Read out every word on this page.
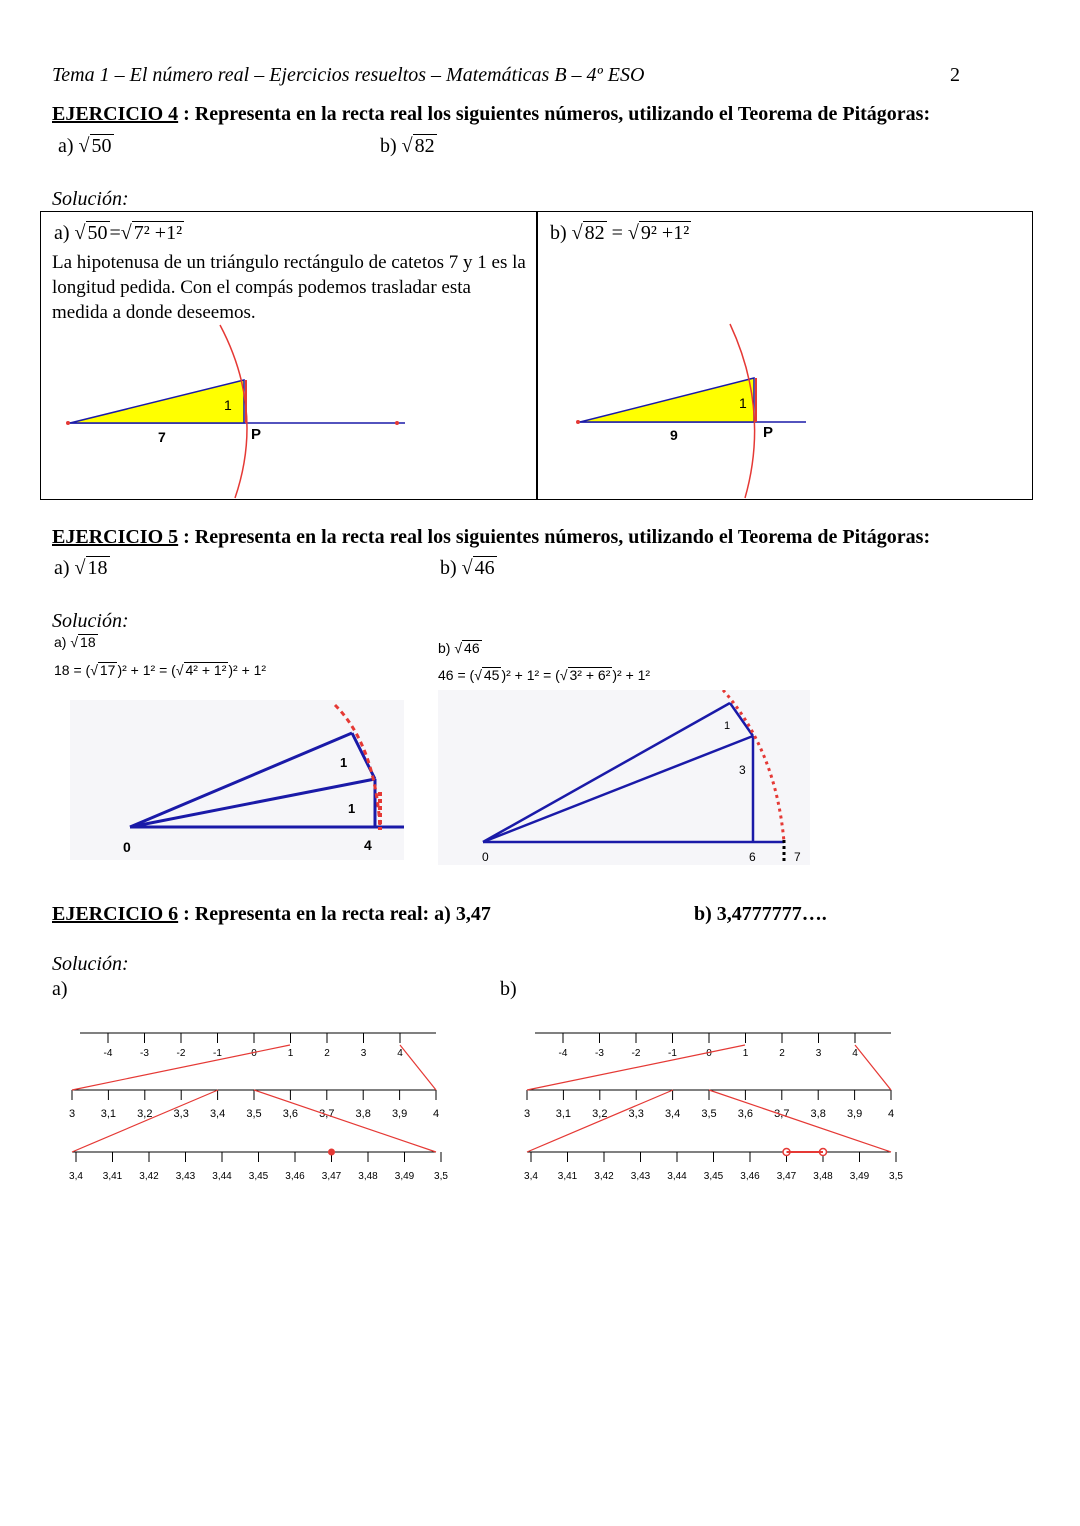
Tema 1 – El número real – Ejercicios resueltos – Matemáticas B – 4º ESO	2
EJERCICIO 4 : Representa en la recta real los siguientes números, utilizando el Teorema de Pitágoras:
a) √ 50	b) √ 82
Solución:
a) √ 50 =√ 7² +1²
La hipotenusa de un triángulo rectángulo de catetos 7 y 1 es la longitud pedida. Con el compás podemos trasladar esta medida a donde deseemos.
b) √ 82 = √ 9² +1²
7
1
P	9
1
P
EJERCICIO 5 : Representa en la recta real los siguientes números, utilizando el Teorema de Pitágoras:
a) √ 18	b) √ 46
Solución:
a) √ 18
18 = (√ 17 )² + 1² = (√ 4² + 1² )² + 1²
b) √ 46
46 = (√ 45 )² + 1² = (√ 3² + 6² )² + 1²
0	4
1
1
0	6	7
3
1
EJERCICIO 6 : Representa en la recta real: a) 3,47	b) 3,4777777….
Solución:
a)	b)
-4	-3	-2	-1	0	1	2	3	4
3 3,1 3,2 3,3 3,4 3,5 3,6 3,7 3,8 3,9 4
3,4 3,41 3,42 3,43 3,44 3,45 3,46 3,47 3,48 3,49 3,5
-4	-3	-2	-1	0	1	2	3	4
3 3,1 3,2 3,3 3,4 3,5 3,6 3,7 3,8 3,9 4
3,4 3,41 3,42 3,43 3,44 3,45 3,46 3,47 3,48 3,49 3,5
